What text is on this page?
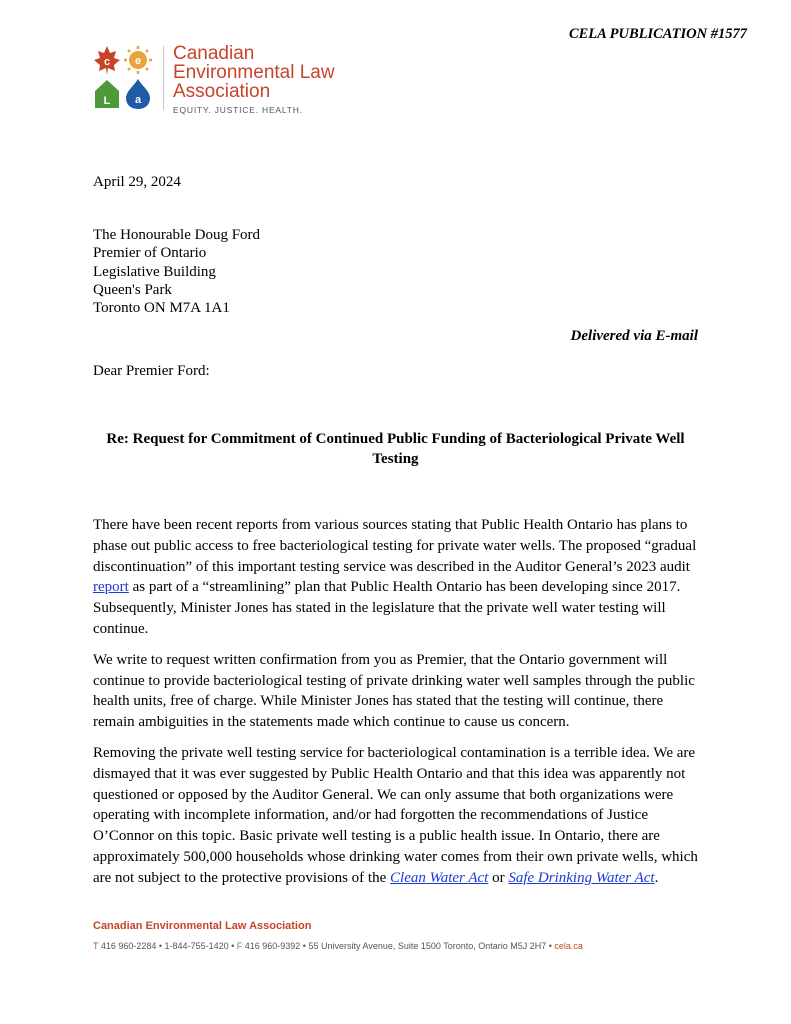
CELA PUBLICATION #1577
c e
L a
Canadian
Environmental Law
Association
EQUITY. JUSTICE. HEALTH.
April 29, 2024
The Honourable Doug Ford
Premier of Ontario
Legislative Building
Queen's Park
Toronto ON M7A 1A1
Delivered via E-mail
Dear Premier Ford:
Re: Request for Commitment of Continued Public Funding of Bacteriological Private Well Testing

There have been recent reports from various sources stating that Public Health Ontario has plans to phase out public access to free bacteriological testing for private water wells. The proposed “gradual discontinuation” of this important testing service was described in the Auditor General’s 2023 audit report as part of a “streamlining” plan that Public Health Ontario has been developing since 2017. Subsequently, Minister Jones has stated in the legislature that the private well water testing will continue.

We write to request written confirmation from you as Premier, that the Ontario government will continue to provide bacteriological testing of private drinking water well samples through the public health units, free of charge. While Minister Jones has stated that the testing will continue, there remain ambiguities in the statements made which continue to cause us concern.

Removing the private well testing service for bacteriological contamination is a terrible idea. We are dismayed that it was ever suggested by Public Health Ontario and that this idea was apparently not questioned or opposed by the Auditor General. We can only assume that both organizations were operating with incomplete information, and/or had forgotten the recommendations of Justice O’Connor on this topic. Basic private well testing is a public health issue. In Ontario, there are approximately 500,000 households whose drinking water comes from their own private wells, which are not subject to the protective provisions of the Clean Water Act or Safe Drinking Water Act.

Canadian Environmental Law Association
T 416 960-2284 • 1-844-755-1420 • F 416 960-9392 • 55 University Avenue, Suite 1500 Toronto, Ontario M5J 2H7 • cela.ca
